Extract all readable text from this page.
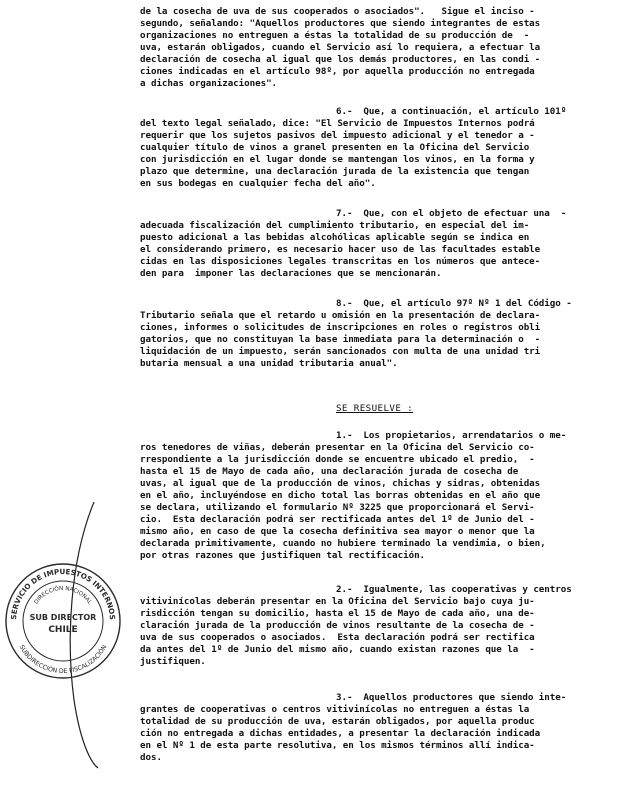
de la cosecha de uva de sus cooperados o asociados".   Sigue el inciso -
segundo, señalando: "Aquellos productores que siendo integrantes de estas
organizaciones no entreguen a éstas la totalidad de su producción de  -
uva, estarán obligados, cuando el Servicio así lo requiera, a efectuar la
declaración de cosecha al igual que los demás productores, en las condi -
ciones indicadas en el artículo 98º, por aquella producción no entregada
a dichas organizaciones".
6.-  Que, a continuación, el artículo 101º
del texto legal señalado, dice: "El Servicio de Impuestos Internos podrá
requerir que los sujetos pasivos del impuesto adicional y el tenedor a -
cualquier título de vinos a granel presenten en la Oficina del Servicio
con jurisdicción en el lugar donde se mantengan los vinos, en la forma y
plazo que determine, una declaración jurada de la existencia que tengan
en sus bodegas en cualquier fecha del año".
7.-  Que, con el objeto de efectuar una  -
adecuada fiscalización del cumplimiento tributario, en especial del im-
puesto adicional a las bebidas alcohólicas aplicable según se indica en
el considerando primero, es necesario hacer uso de las facultades estable
cidas en las disposiciones legales transcritas en los números que antece-
den para  imponer las declaraciones que se mencionarán.
8.-  Que, el artículo 97º Nº 1 del Código -
Tributario señala que el retardo u omisión en la presentación de declara-
ciones, informes o solicitudes de inscripciones en roles o registros obli
gatorios, que no constituyan la base inmediata para la determinación o  -
liquidación de un impuesto, serán sancionados con multa de una unidad tri
butaria mensual a una unidad tributaria anual".
SE RESUELVE :
1.-  Los propietarios, arrendatarios o me-
ros tenedores de viñas, deberán presentar en la Oficina del Servicio co-
rrespondiente a la jurisdicción donde se encuentre ubicado el predio,  -
hasta el 15 de Mayo de cada año, una declaración jurada de cosecha de
uvas, al igual que de la producción de vinos, chichas y sidras, obtenidas
en el año, incluyéndose en dicho total las borras obtenidas en el año que
se declara, utilizando el formulario Nº 3225 que proporcionará el Servi-
cio.  Esta declaración podrá ser rectificada antes del 1º de Junio del -
mismo año, en caso de que la cosecha definitiva sea mayor o menor que la
declarada primitivamente, cuando no hubiere terminado la vendimia, o bien,
por otras razones que justifiquen tal rectificación.
2.-  Igualmente, las cooperativas y centros
vitivinícolas deberán presentar en la Oficina del Servicio bajo cuya ju-
risdicción tengan su domicilio, hasta el 15 de Mayo de cada año, una de-
claración jurada de la producción de vinos resultante de la cosecha de -
uva de sus cooperados o asociados.  Esta declaración podrá ser rectifica
da antes del 1º de Junio del mismo año, cuando existan razones que la  -
justifiquen.
3.-  Aquellos productores que siendo inte-
grantes de cooperativas o centros vitivinícolas no entreguen a éstas la
totalidad de su producción de uva, estarán obligados, por aquella produc
ción no entregada a dichas entidades, a presentar la declaración indicada
en el Nº 1 de esta parte resolutiva, en los mismos términos allí indica-
dos.
SERVICIO DE IMPUESTOS INTERNOS
DIRECCIÓN NACIONAL
SUBDIRECCIÓN DE FISCALIZACIÓN
SUB DIRECTOR
CHILE
